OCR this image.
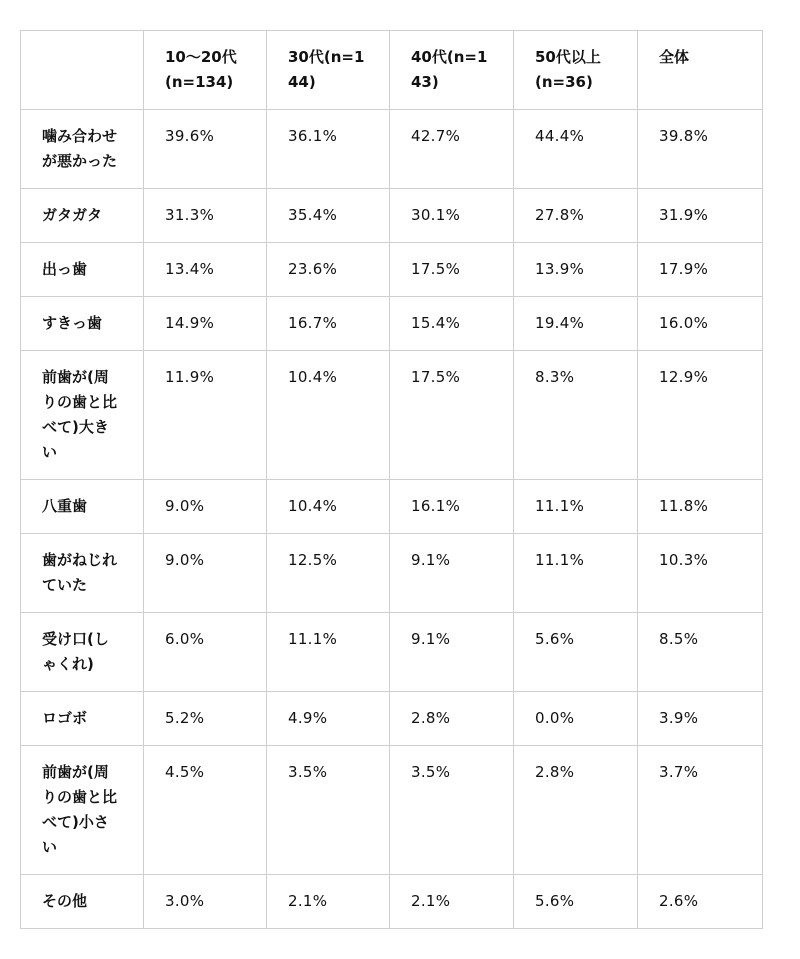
	10〜20代(n=134)	30代(n=144)	40代(n=143)	50代以上(n=36)	全体
噛み合わせが悪かった	39.6%	36.1%	42.7%	44.4%	39.8%
ガタガタ	31.3%	35.4%	30.1%	27.8%	31.9%
出っ歯	13.4%	23.6%	17.5%	13.9%	17.9%
すきっ歯	14.9%	16.7%	15.4%	19.4%	16.0%
前歯が(周りの歯と比べて)大きい	11.9%	10.4%	17.5%	8.3%	12.9%
八重歯	9.0%	10.4%	16.1%	11.1%	11.8%
歯がねじれていた	9.0%	12.5%	9.1%	11.1%	10.3%
受け口(しゃくれ)	6.0%	11.1%	9.1%	5.6%	8.5%
ロゴボ	5.2%	4.9%	2.8%	0.0%	3.9%
前歯が(周りの歯と比べて)小さい	4.5%	3.5%	3.5%	2.8%	3.7%
その他	3.0%	2.1%	2.1%	5.6%	2.6%
